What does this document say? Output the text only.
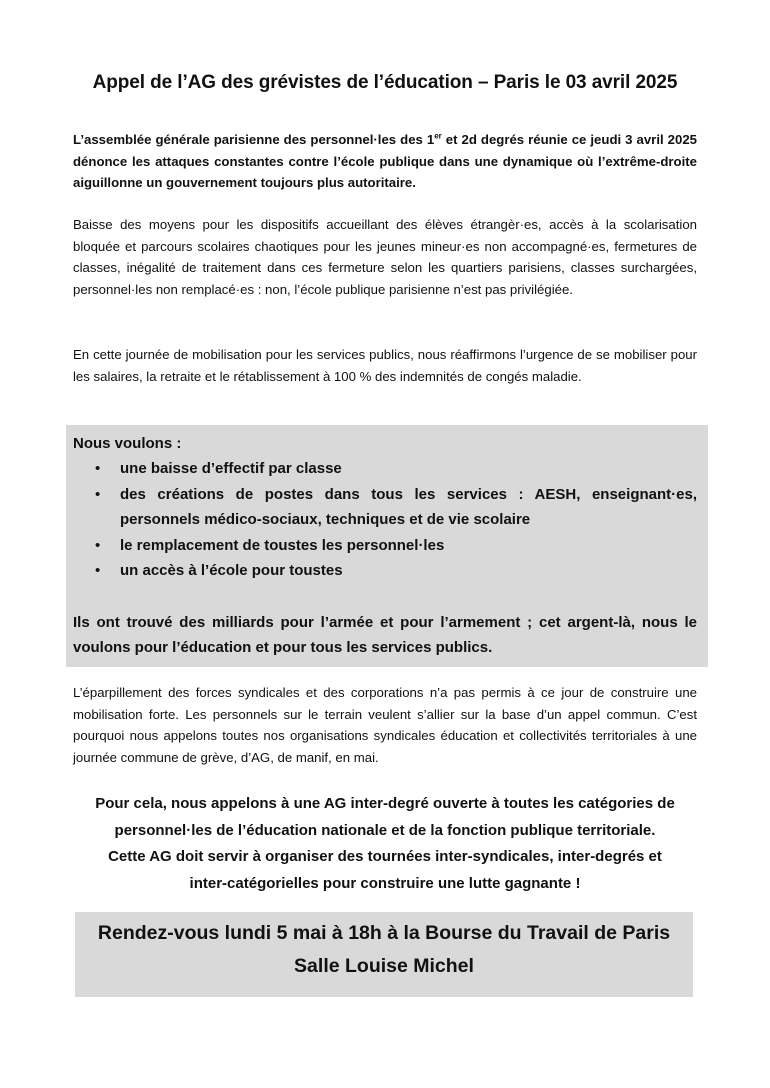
Appel de l’AG des grévistes de l’éducation – Paris le 03 avril 2025

L’assemblée générale parisienne des personnel·les des 1er et 2d degrés réunie ce jeudi 3 avril 2025 dénonce les attaques constantes contre l’école publique dans une dynamique où l’extrême-droite aiguillonne un gouvernement toujours plus autoritaire.

Baisse des moyens pour les dispositifs accueillant des élèves étrangèr·es, accès à la scolarisation bloquée et parcours scolaires chaotiques pour les jeunes mineur·es non accompagné·es, fermetures de classes, inégalité de traitement dans ces fermeture selon les quartiers parisiens, classes surchargées, personnel·les non remplacé·es : non, l’école publique parisienne n’est pas privilégiée.

En cette journée de mobilisation pour les services publics, nous réaffirmons l’urgence de se mobiliser pour les salaires, la retraite et le rétablissement à 100 % des indemnités de congés maladie.

Nous voulons :

• une baisse d’effectif par classe
• des créations de postes dans tous les services : AESH, enseignant·es, personnels médico-sociaux, techniques et de vie scolaire
• le remplacement de toustes les personnel·les
• un accès à l’école pour toustes

Ils ont trouvé des milliards pour l’armée et pour l’armement ; cet argent-là, nous le voulons pour l’éducation et pour tous les services publics.

L’éparpillement des forces syndicales et des corporations n’a pas permis à ce jour de construire une mobilisation forte. Les personnels sur le terrain veulent s’allier sur la base d’un appel commun. C’est pourquoi nous appelons toutes nos organisations syndicales éducation et collectivités territoriales à une journée commune de grève, d’AG, de manif, en mai.

Pour cela, nous appelons à une AG inter-degré ouverte à toutes les catégories de
personnel·les de l’éducation nationale et de la fonction publique territoriale.
Cette AG doit servir à organiser des tournées inter-syndicales, inter-degrés et
inter-catégorielles pour construire une lutte gagnante !

Rendez-vous lundi 5 mai à 18h à la Bourse du Travail de Paris
Salle Louise Michel
